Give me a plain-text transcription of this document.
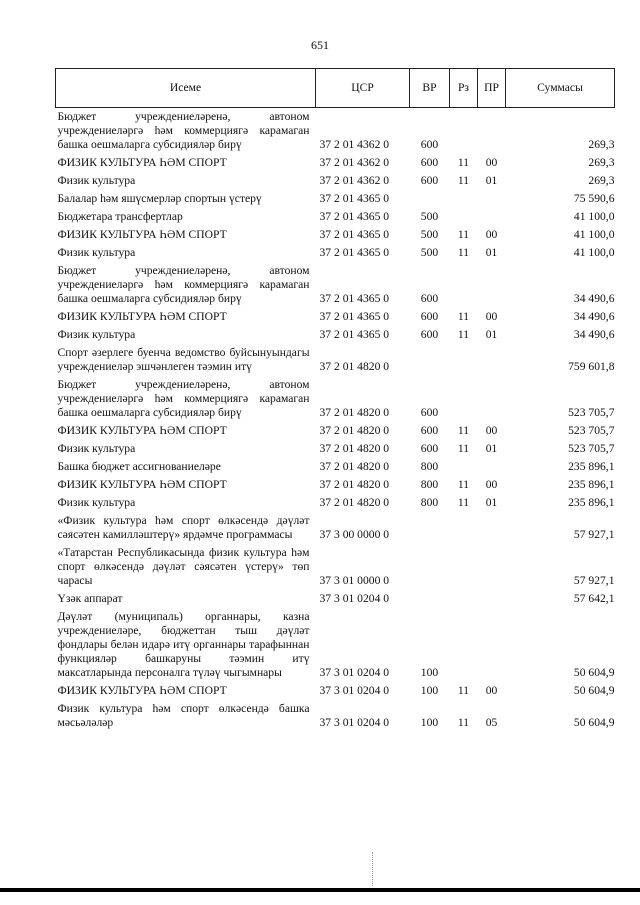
651
Исеме	ЦСР	ВР	Рз	ПР	Суммасы
Бюджет учреждениеләренә, автоном учреждениеләргә һәм коммерциягә карамаган башка оешмаларга субсидияләр бирү	37 2 01 4362 0	600			269,3
ФИЗИК КУЛЬТУРА ҺӘМ СПОРТ	37 2 01 4362 0	600	11	00	269,3
Физик культура	37 2 01 4362 0	600	11	01	269,3
Балалар һәм яшүсмерләр спортын үстерү	37 2 01 4365 0				75 590,6
Бюджетара трансфертлар	37 2 01 4365 0	500			41 100,0
ФИЗИК КУЛЬТУРА ҺӘМ СПОРТ	37 2 01 4365 0	500	11	00	41 100,0
Физик культура	37 2 01 4365 0	500	11	01	41 100,0
Бюджет учреждениеләренә, автоном учреждениеләргә һәм коммерциягә карамаган башка оешмаларга субсидияләр бирү	37 2 01 4365 0	600			34 490,6
ФИЗИК КУЛЬТУРА ҺӘМ СПОРТ	37 2 01 4365 0	600	11	00	34 490,6
Физик культура	37 2 01 4365 0	600	11	01	34 490,6
Спорт әзерлеге буенча ведомство буйсынуындагы учреждениеләр эшчәнлеген тәэмин итү	37 2 01 4820 0				759 601,8
Бюджет учреждениеләренә, автоном учреждениеләргә һәм коммерциягә карамаган башка оешмаларга субсидияләр бирү	37 2 01 4820 0	600			523 705,7
ФИЗИК КУЛЬТУРА ҺӘМ СПОРТ	37 2 01 4820 0	600	11	00	523 705,7
Физик культура	37 2 01 4820 0	600	11	01	523 705,7
Башка бюджет ассигнованиеләре	37 2 01 4820 0	800			235 896,1
ФИЗИК КУЛЬТУРА ҺӘМ СПОРТ	37 2 01 4820 0	800	11	00	235 896,1
Физик культура	37 2 01 4820 0	800	11	01	235 896,1
«Физик культура һәм спорт өлкәсендә дәүләт сәясәтен камилләштерү» ярдәмче программасы	37 3 00 0000 0				57 927,1
«Татарстан Республикасында физик культура һәм спорт өлкәсендә дәүләт сәясәтен үстерү» төп чарасы	37 3 01 0000 0				57 927,1
Үзәк аппарат	37 3 01 0204 0				57 642,1
Дәүләт (муниципаль) органнары, казна учреждениеләре, бюджеттан тыш дәүләт фондлары белән идарә итү органнары тарафыннан функцияләр башкаруны тәэмин итү максатларында персоналга түләү чыгымнары	37 3 01 0204 0	100			50 604,9
ФИЗИК КУЛЬТУРА ҺӘМ СПОРТ	37 3 01 0204 0	100	11	00	50 604,9
Физик культура һәм спорт өлкәсендә башка мәсьәләләр	37 3 01 0204 0	100	11	05	50 604,9
